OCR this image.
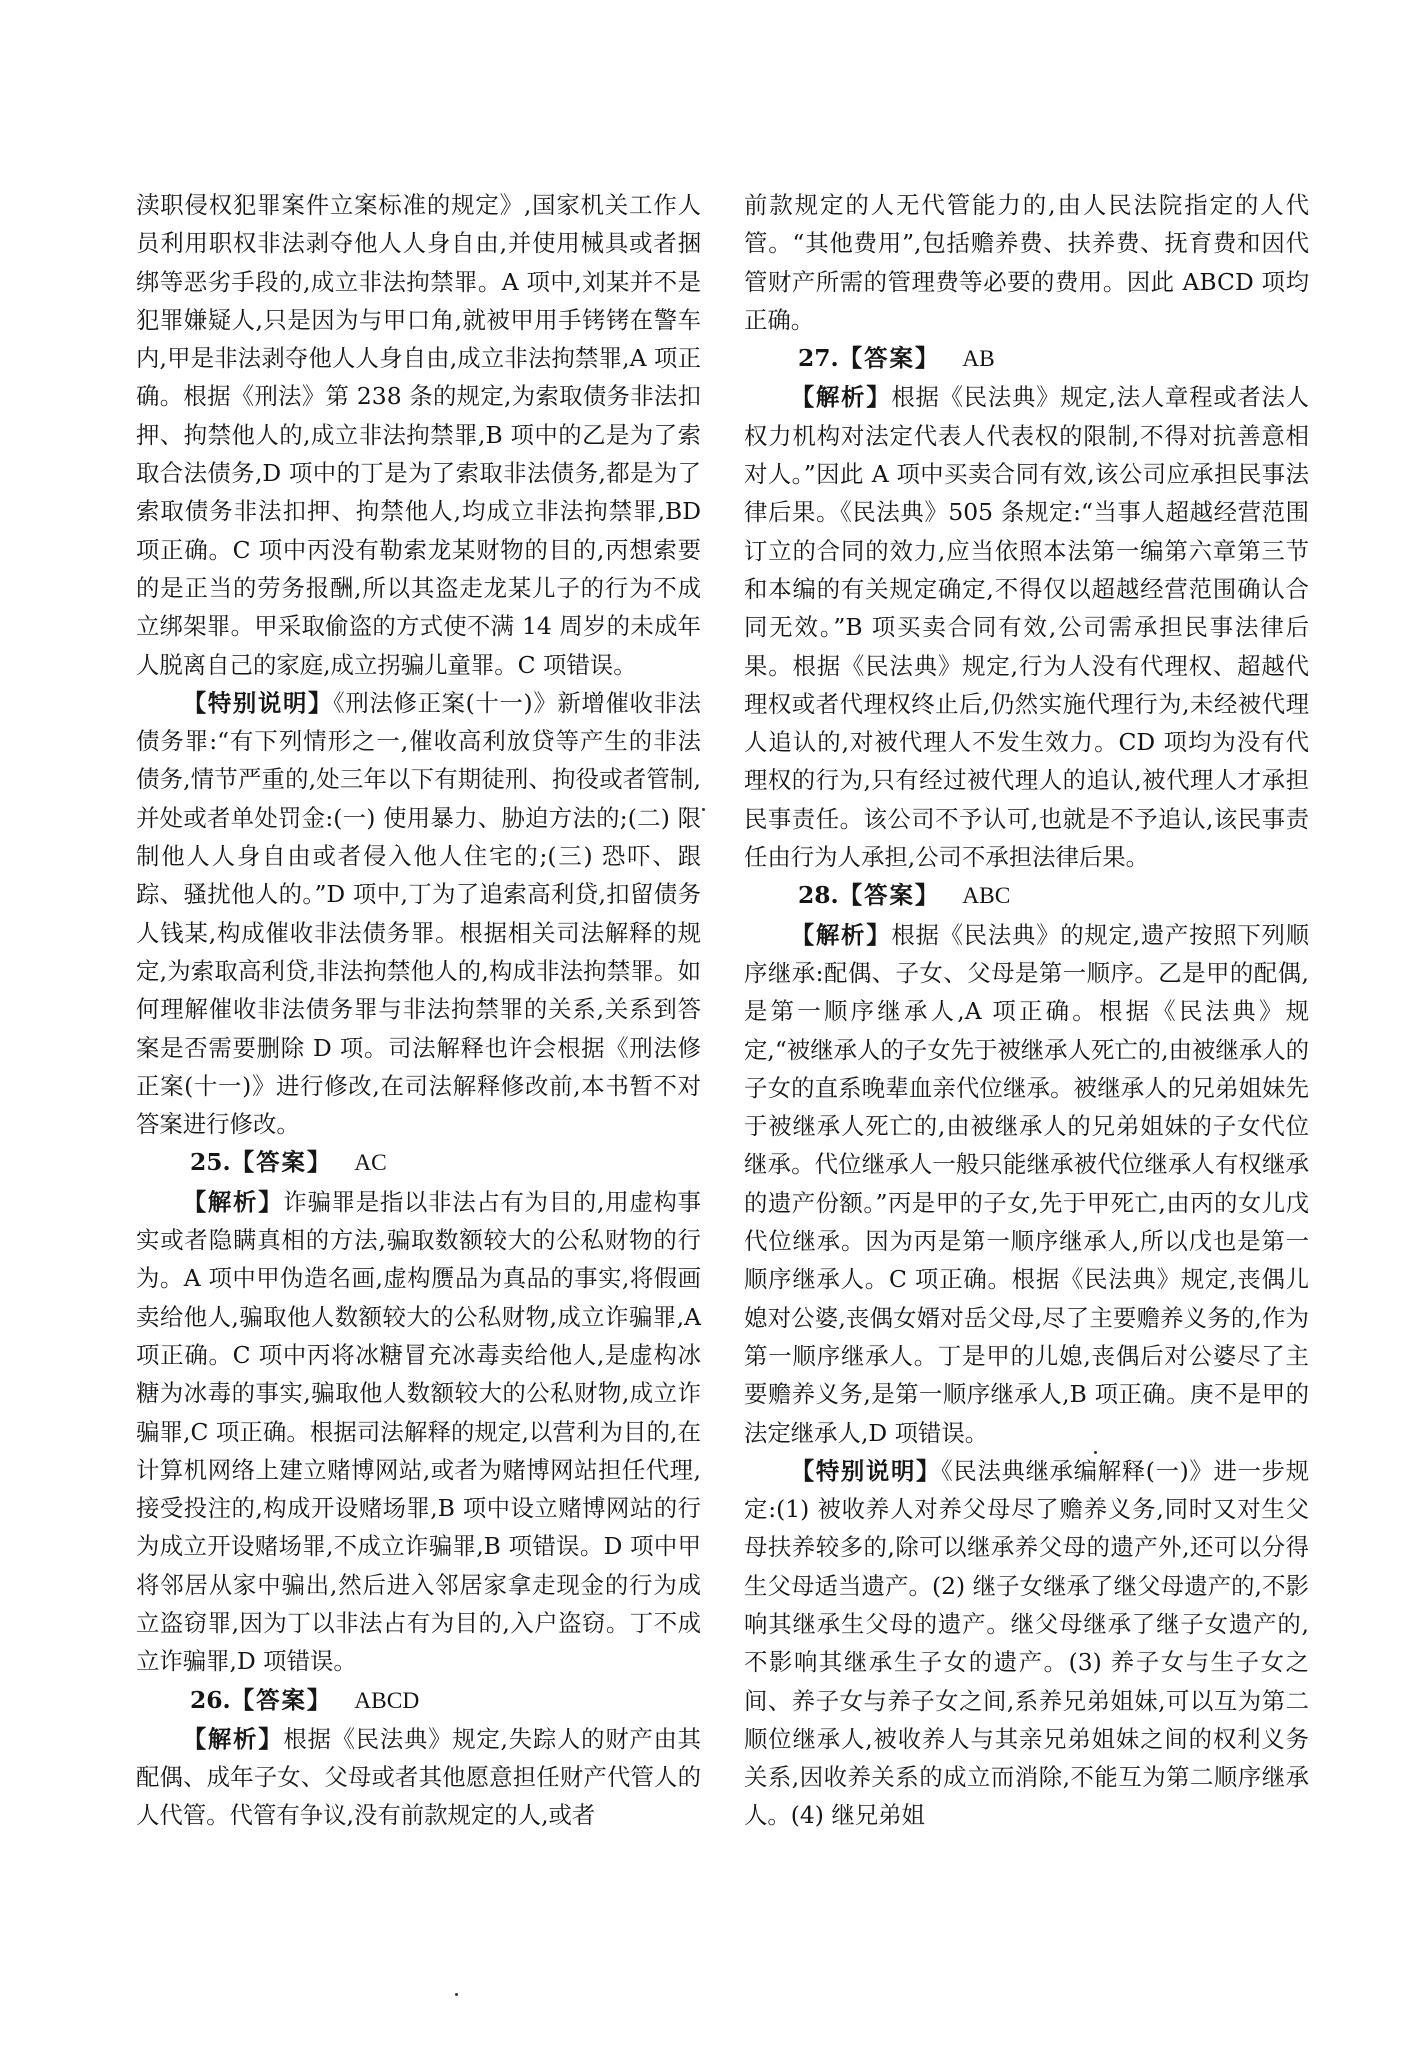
渎职侵权犯罪案件立案标准的规定》,国家机关工作人员利用职权非法剥夺他人人身自由,并使用械具或者捆绑等恶劣手段的,成立非法拘禁罪。A 项中,刘某并不是犯罪嫌疑人,只是因为与甲口角,就被甲用手铐铐在警车内,甲是非法剥夺他人人身自由,成立非法拘禁罪,A 项正确。根据《刑法》第 238 条的规定,为索取债务非法扣押、拘禁他人的,成立非法拘禁罪,B 项中的乙是为了索取合法债务,D 项中的丁是为了索取非法债务,都是为了索取债务非法扣押、拘禁他人,均成立非法拘禁罪,BD 项正确。C 项中丙没有勒索龙某财物的目的,丙想索要的是正当的劳务报酬,所以其盗走龙某儿子的行为不成立绑架罪。甲采取偷盗的方式使不满 14 周岁的未成年人脱离自己的家庭,成立拐骗儿童罪。C 项错误。

【特别说明】《刑法修正案(十一)》新增催收非法债务罪:“有下列情形之一,催收高利放贷等产生的非法债务,情节严重的,处三年以下有期徒刑、拘役或者管制,并处或者单处罚金:(一) 使用暴力、胁迫方法的;(二) 限制他人人身自由或者侵入他人住宅的;(三) 恐吓、跟踪、骚扰他人的。”D 项中,丁为了追索高利贷,扣留债务人钱某,构成催收非法债务罪。根据相关司法解释的规定,为索取高利贷,非法拘禁他人的,构成非法拘禁罪。如何理解催收非法债务罪与非法拘禁罪的关系,关系到答案是否需要删除 D 项。司法解释也许会根据《刑法修正案(十一)》进行修改,在司法解释修改前,本书暂不对答案进行修改。

25.【答案】 AC

【解析】诈骗罪是指以非法占有为目的,用虚构事实或者隐瞒真相的方法,骗取数额较大的公私财物的行为。A 项中甲伪造名画,虚构赝品为真品的事实,将假画卖给他人,骗取他人数额较大的公私财物,成立诈骗罪,A 项正确。C 项中丙将冰糖冒充冰毒卖给他人,是虚构冰糖为冰毒的事实,骗取他人数额较大的公私财物,成立诈骗罪,C 项正确。根据司法解释的规定,以营利为目的,在计算机网络上建立赌博网站,或者为赌博网站担任代理,接受投注的,构成开设赌场罪,B 项中设立赌博网站的行为成立开设赌场罪,不成立诈骗罪,B 项错误。D 项中甲将邻居从家中骗出,然后进入邻居家拿走现金的行为成立盗窃罪,因为丁以非法占有为目的,入户盗窃。丁不成立诈骗罪,D 项错误。

26.【答案】 ABCD

【解析】根据《民法典》规定,失踪人的财产由其配偶、成年子女、父母或者其他愿意担任财产代管人的人代管。代管有争议,没有前款规定的人,或者

前款规定的人无代管能力的,由人民法院指定的人代管。“其他费用”,包括赡养费、扶养费、抚育费和因代管财产所需的管理费等必要的费用。因此 ABCD 项均正确。

27.【答案】 AB

【解析】根据《民法典》规定,法人章程或者法人权力机构对法定代表人代表权的限制,不得对抗善意相对人。”因此 A 项中买卖合同有效,该公司应承担民事法律后果。《民法典》505 条规定:“当事人超越经营范围订立的合同的效力,应当依照本法第一编第六章第三节和本编的有关规定确定,不得仅以超越经营范围确认合同无效。”B 项买卖合同有效,公司需承担民事法律后果。根据《民法典》规定,行为人没有代理权、超越代理权或者代理权终止后,仍然实施代理行为,未经被代理人追认的,对被代理人不发生效力。CD 项均为没有代理权的行为,只有经过被代理人的追认,被代理人才承担民事责任。该公司不予认可,也就是不予追认,该民事责任由行为人承担,公司不承担法律后果。

28.【答案】 ABC

【解析】根据《民法典》的规定,遗产按照下列顺序继承:配偶、子女、父母是第一顺序。乙是甲的配偶,是第一顺序继承人,A 项正确。根据《民法典》规定,“被继承人的子女先于被继承人死亡的,由被继承人的子女的直系晚辈血亲代位继承。被继承人的兄弟姐妹先于被继承人死亡的,由被继承人的兄弟姐妹的子女代位继承。代位继承人一般只能继承被代位继承人有权继承的遗产份额。”丙是甲的子女,先于甲死亡,由丙的女儿戊代位继承。因为丙是第一顺序继承人,所以戊也是第一顺序继承人。C 项正确。根据《民法典》规定,丧偶儿媳对公婆,丧偶女婿对岳父母,尽了主要赡养义务的,作为第一顺序继承人。丁是甲的儿媳,丧偶后对公婆尽了主要赡养义务,是第一顺序继承人,B 项正确。庚不是甲的法定继承人,D 项错误。

【特别说明】《民法典继承编解释(一)》进一步规定:(1) 被收养人对养父母尽了赡养义务,同时又对生父母扶养较多的,除可以继承养父母的遗产外,还可以分得生父母适当遗产。(2) 继子女继承了继父母遗产的,不影响其继承生父母的遗产。继父母继承了继子女遗产的,不影响其继承生子女的遗产。(3) 养子女与生子女之间、养子女与养子女之间,系养兄弟姐妹,可以互为第二顺位继承人,被收养人与其亲兄弟姐妹之间的权利义务关系,因收养关系的成立而消除,不能互为第二顺序继承人。(4) 继兄弟姐
